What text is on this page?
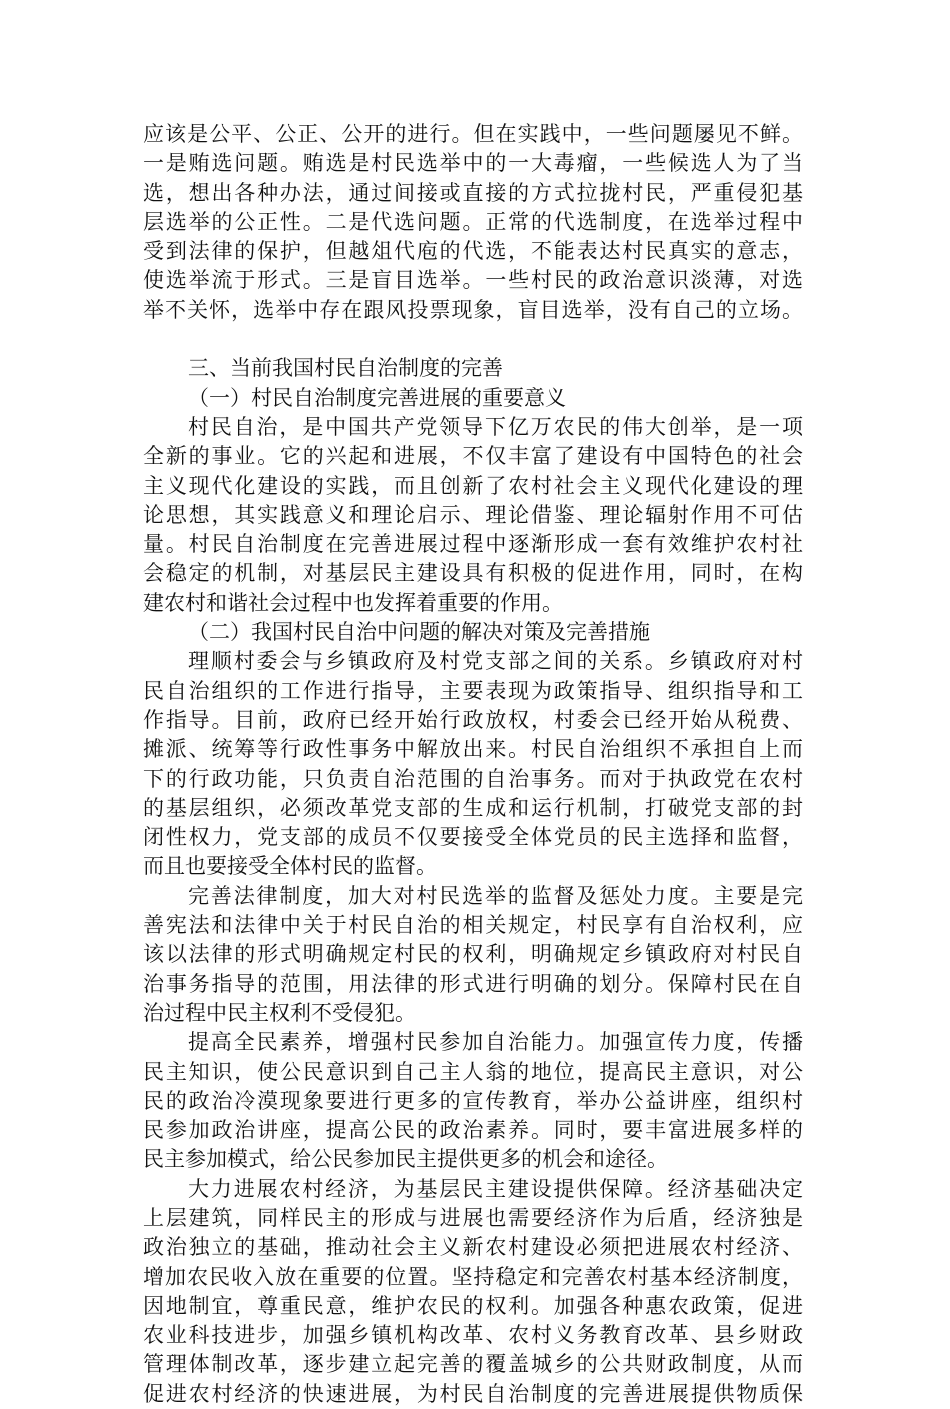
应该是公平、公正、公开的进行。但在实践中，一些问题屡见不鲜。
一是贿选问题。贿选是村民选举中的一大毒瘤，一些候选人为了当
选，想出各种办法，通过间接或直接的方式拉拢村民，严重侵犯基
层选举的公正性。二是代选问题。正常的代选制度，在选举过程中
受到法律的保护，但越俎代庖的代选，不能表达村民真实的意志，
使选举流于形式。三是盲目选举。一些村民的政治意识淡薄，对选
举不关怀，选举中存在跟风投票现象，盲目选举，没有自己的立场。
三、当前我国村民自治制度的完善
（一）村民自治制度完善进展的重要意义
村民自治，是中国共产党领导下亿万农民的伟大创举，是一项
全新的事业。它的兴起和进展，不仅丰富了建设有中国特色的社会
主义现代化建设的实践，而且创新了农村社会主义现代化建设的理
论思想，其实践意义和理论启示、理论借鉴、理论辐射作用不可估
量。村民自治制度在完善进展过程中逐渐形成一套有效维护农村社
会稳定的机制，对基层民主建设具有积极的促进作用，同时，在构
建农村和谐社会过程中也发挥着重要的作用。
（二）我国村民自治中问题的解决对策及完善措施
理顺村委会与乡镇政府及村党支部之间的关系。乡镇政府对村
民自治组织的工作进行指导，主要表现为政策指导、组织指导和工
作指导。目前，政府已经开始行政放权，村委会已经开始从税费、
摊派、统筹等行政性事务中解放出来。村民自治组织不承担自上而
下的行政功能，只负责自治范围的自治事务。而对于执政党在农村
的基层组织，必须改革党支部的生成和运行机制，打破党支部的封
闭性权力，党支部的成员不仅要接受全体党员的民主选择和监督，
而且也要接受全体村民的监督。
完善法律制度，加大对村民选举的监督及惩处力度。主要是完
善宪法和法律中关于村民自治的相关规定，村民享有自治权利，应
该以法律的形式明确规定村民的权利，明确规定乡镇政府对村民自
治事务指导的范围，用法律的形式进行明确的划分。保障村民在自
治过程中民主权利不受侵犯。
提高全民素养，增强村民参加自治能力。加强宣传力度，传播
民主知识，使公民意识到自己主人翁的地位，提高民主意识，对公
民的政治冷漠现象要进行更多的宣传教育，举办公益讲座，组织村
民参加政治讲座，提高公民的政治素养。同时，要丰富进展多样的
民主参加模式，给公民参加民主提供更多的机会和途径。
大力进展农村经济，为基层民主建设提供保障。经济基础决定
上层建筑，同样民主的形成与进展也需要经济作为后盾，经济独是
政治独立的基础，推动社会主义新农村建设必须把进展农村经济、
增加农民收入放在重要的位置。坚持稳定和完善农村基本经济制度，
因地制宜，尊重民意，维护农民的权利。加强各种惠农政策，促进
农业科技进步，加强乡镇机构改革、农村义务教育改革、县乡财政
管理体制改革，逐步建立起完善的覆盖城乡的公共财政制度，从而
促进农村经济的快速进展，为村民自治制度的完善进展提供物质保
